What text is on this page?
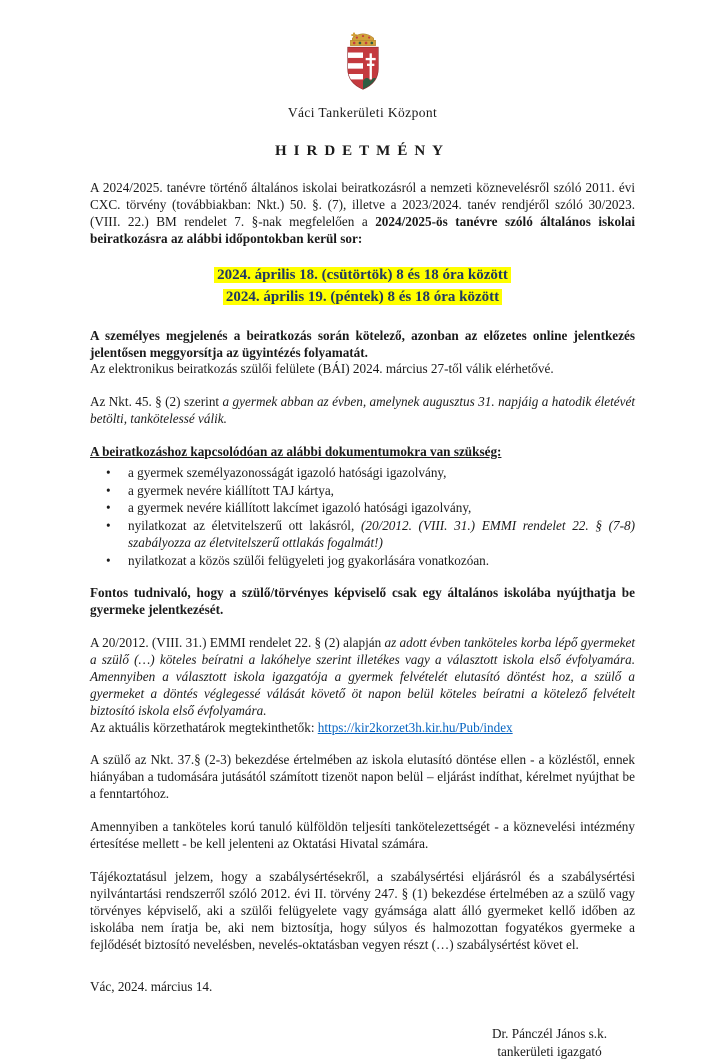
Váci Tankerületi Központ
HIRDETMÉNY

A 2024/2025. tanévre történő általános iskolai beiratkozásról a nemzeti köznevelésről szóló 2011. évi CXC. törvény (továbbiakban: Nkt.) 50. §. (7), illetve a 2023/2024. tanév rendjéről szóló 30/2023. (VIII. 22.) BM rendelet 7. §-nak megfelelően a 2024/2025-ös tanévre szóló általános iskolai beiratkozásra az alábbi időpontokban kerül sor:

2024. április 18. (csütörtök) 8 és 18 óra között
2024. április 19. (péntek) 8 és 18 óra között

A személyes megjelenés a beiratkozás során kötelező, azonban az előzetes online jelentkezés jelentősen meggyorsítja az ügyintézés folyamatát.
Az elektronikus beiratkozás szülői felülete (BÁI) 2024. március 27-től válik elérhetővé.

Az Nkt. 45. § (2) szerint a gyermek abban az évben, amelynek augusztus 31. napjáig a hatodik életévét betölti, tankötelessé válik.

A beiratkozáshoz kapcsolódóan az alábbi dokumentumokra van szükség:

• a gyermek személyazonosságát igazoló hatósági igazolvány,
• a gyermek nevére kiállított TAJ kártya,
• a gyermek nevére kiállított lakcímet igazoló hatósági igazolvány,
• nyilatkozat az életvitelszerű ott lakásról, (20/2012. (VIII. 31.) EMMI rendelet 22. § (7-8) szabályozza az életvitelszerű ottlakás fogalmát!)
• nyilatkozat a közös szülői felügyeleti jog gyakorlására vonatkozóan.

Fontos tudnivaló, hogy a szülő/törvényes képviselő csak egy általános iskolába nyújthatja be gyermeke jelentkezését.

A 20/2012. (VIII. 31.) EMMI rendelet 22. § (2) alapján az adott évben tanköteles korba lépő gyermeket a szülő (…) köteles beíratni a lakóhelye szerint illetékes vagy a választott iskola első évfolyamára. Amennyiben a választott iskola igazgatója a gyermek felvételét elutasító döntést hoz, a szülő a gyermeket a döntés véglegessé válását követő öt napon belül köteles beíratni a kötelező felvételt biztosító iskola első évfolyamára.
Az aktuális körzethatárok megtekinthetők: https://kir2korzet3h.kir.hu/Pub/index

A szülő az Nkt. 37.§ (2-3) bekezdése értelmében az iskola elutasító döntése ellen - a közléstől, ennek hiányában a tudomására jutásától számított tizenöt napon belül – eljárást indíthat, kérelmet nyújthat be a fenntartóhoz.

Amennyiben a tanköteles korú tanuló külföldön teljesíti tankötelezettségét - a köznevelési intézmény értesítése mellett - be kell jelenteni az Oktatási Hivatal számára.

Tájékoztatásul jelzem, hogy a szabálysértésekről, a szabálysértési eljárásról és a szabálysértési nyilvántartási rendszerről szóló 2012. évi II. törvény 247. § (1) bekezdése értelmében az a szülő vagy törvényes képviselő, aki a szülői felügyelete vagy gyámsága alatt álló gyermeket kellő időben az iskolába nem íratja be, aki nem biztosítja, hogy súlyos és halmozottan fogyatékos gyermeke a fejlődését biztosító nevelésben, nevelés-oktatásban vegyen részt (…) szabálysértést követ el.

Vác, 2024. március 14.

Dr. Pánczél János s.k.
tankerületi igazgató
